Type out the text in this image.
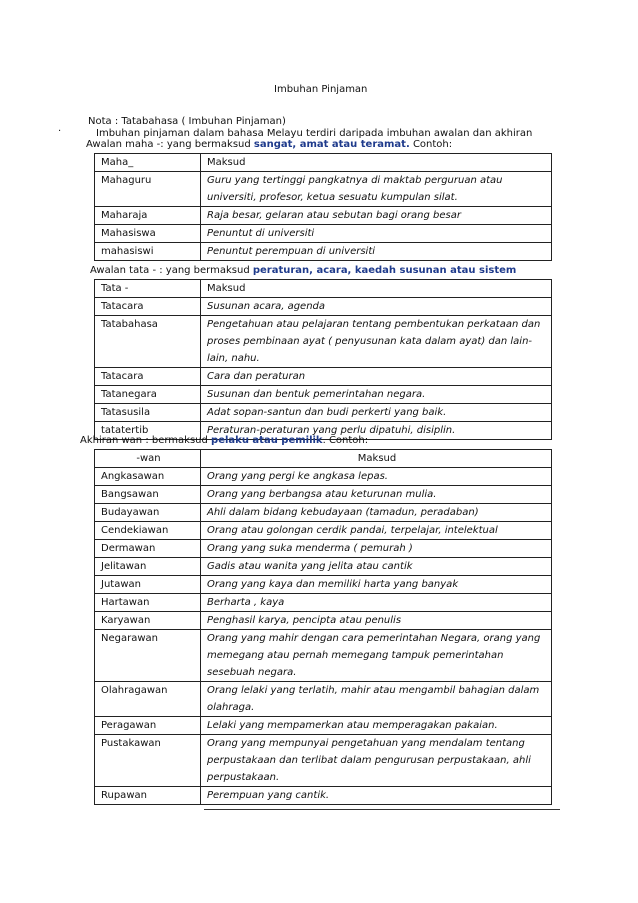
Imbuhan Pinjaman
Nota : Tatabahasa ( Imbuhan Pinjaman)
·	Imbuhan pinjaman dalam bahasa Melayu terdiri daripada imbuhan awalan dan akhiran
Awalan maha -: yang bermaksud sangat, amat atau teramat. Contoh:
Maha_	Maksud
Mahaguru	Guru yang tertinggi pangkatnya di maktab perguruan atau universiti, profesor, ketua sesuatu kumpulan silat.
Maharaja	Raja besar, gelaran atau sebutan bagi orang besar
Mahasiswa	Penuntut di universiti
mahasiswi	Penuntut perempuan di universiti
Awalan tata - : yang bermaksud peraturan, acara, kaedah susunan atau sistem
Tata -	Maksud
Tatacara	Susunan acara, agenda
Tatabahasa	Pengetahuan atau pelajaran tentang pembentukan perkataan dan proses pembinaan ayat ( penyusunan kata dalam ayat) dan lain-lain, nahu.
Tatacara	Cara dan peraturan
Tatanegara	Susunan dan bentuk pemerintahan negara.
Tatasusila	Adat sopan-santun dan budi perkerti yang baik.
tatatertib	Peraturan-peraturan yang perlu dipatuhi, disiplin.
Akhiran wan : bermaksud pelaku atau pemilik. Contoh:
-wan	Maksud
Angkasawan	Orang yang pergi ke angkasa lepas.
Bangsawan	Orang yang berbangsa atau keturunan mulia.
Budayawan	Ahli dalam bidang kebudayaan (tamadun, peradaban)
Cendekiawan	Orang atau golongan cerdik pandai, terpelajar, intelektual
Dermawan	Orang yang suka menderma ( pemurah )
Jelitawan	Gadis atau wanita yang jelita atau cantik
Jutawan	Orang yang kaya dan memiliki harta yang banyak
Hartawan	Berharta , kaya
Karyawan	Penghasil karya, pencipta atau penulis
Negarawan	Orang yang mahir dengan cara pemerintahan Negara, orang yang memegang atau pernah memegang tampuk pemerintahan sesebuah negara.
Olahragawan	Orang lelaki yang terlatih, mahir atau mengambil bahagian dalam olahraga.
Peragawan	Lelaki yang mempamerkan atau memperagakan pakaian.
Pustakawan	Orang yang mempunyai pengetahuan yang mendalam tentang perpustakaan dan terlibat dalam pengurusan perpustakaan, ahli perpustakaan.
Rupawan	Perempuan yang cantik.
